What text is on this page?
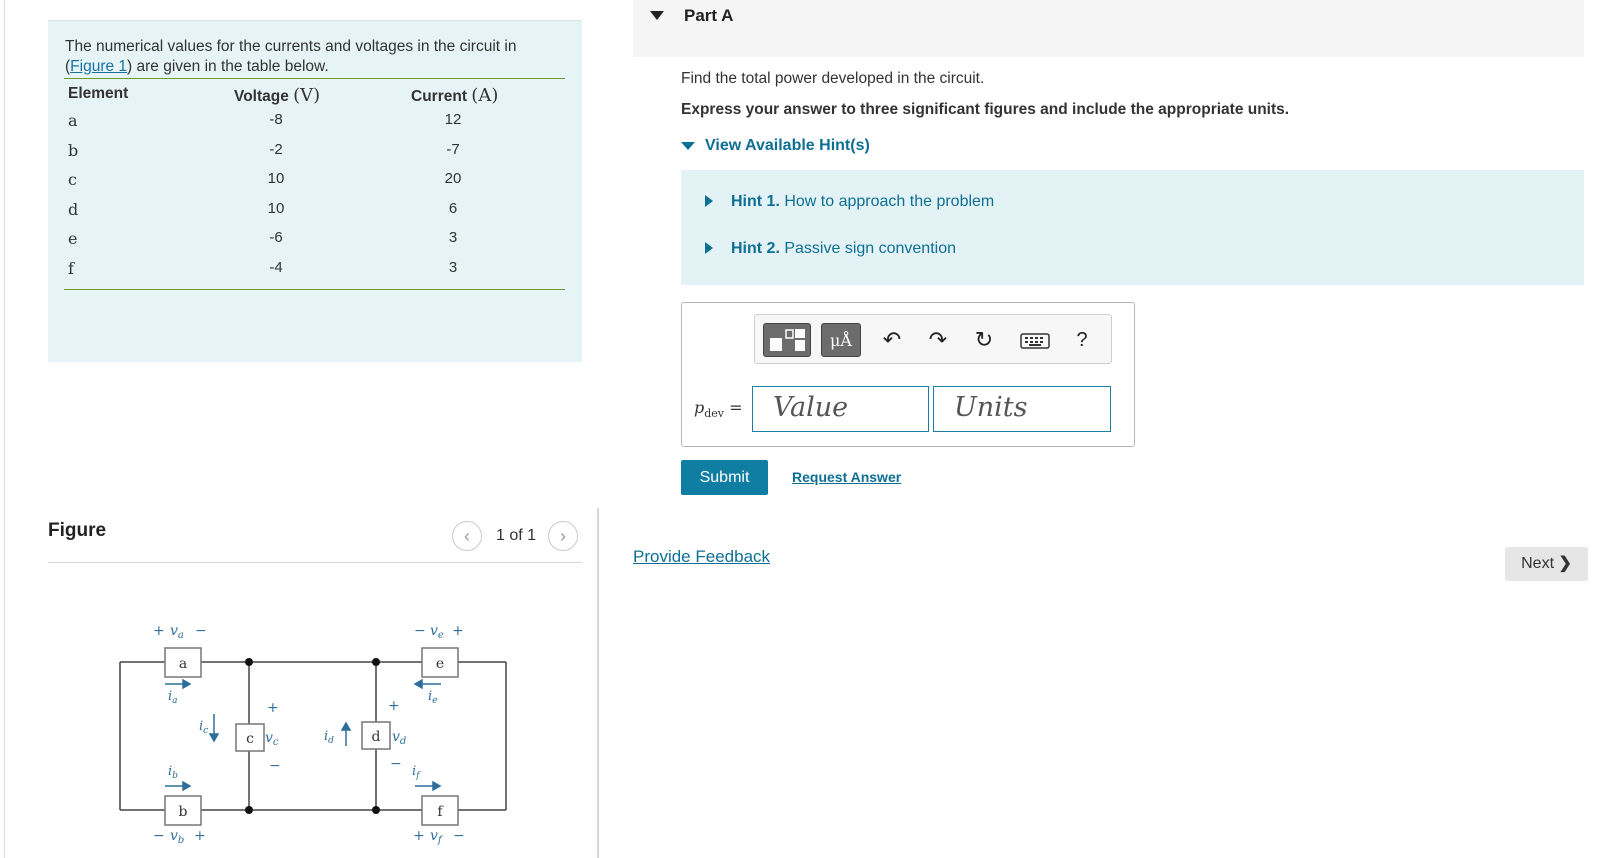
The numerical values for the currents and voltages in the circuit in (Figure 1) are given in the table below.
Element	Voltage (V)	Current (A)
a	-8	12
b	-2	-7
c	10	20
d	10	6
e	-6	3
f	-4	3
Figure	‹	1 of 1	›
a
b
c	d
e
f
+ $v_a$ −
− $v_b$ +
+
$v_c$
−
+
$v_d$
−
− $v_e$ +
+ $v_f$ −
$i_a$
$i_b$
$i_c$	$i_d$
$i_e$
$i_f$
Part A
Find the total power developed in the circuit.
Express your answer to three significant figures and include the appropriate units.
View Available Hint(s)
Hint 1. How to approach the problem
Hint 2. Passive sign convention
μÅ	↶ ↷ ↻	?
$p_{dev}$ =	Value	Units
Submit	Request Answer
Provide Feedback	Next ❯
